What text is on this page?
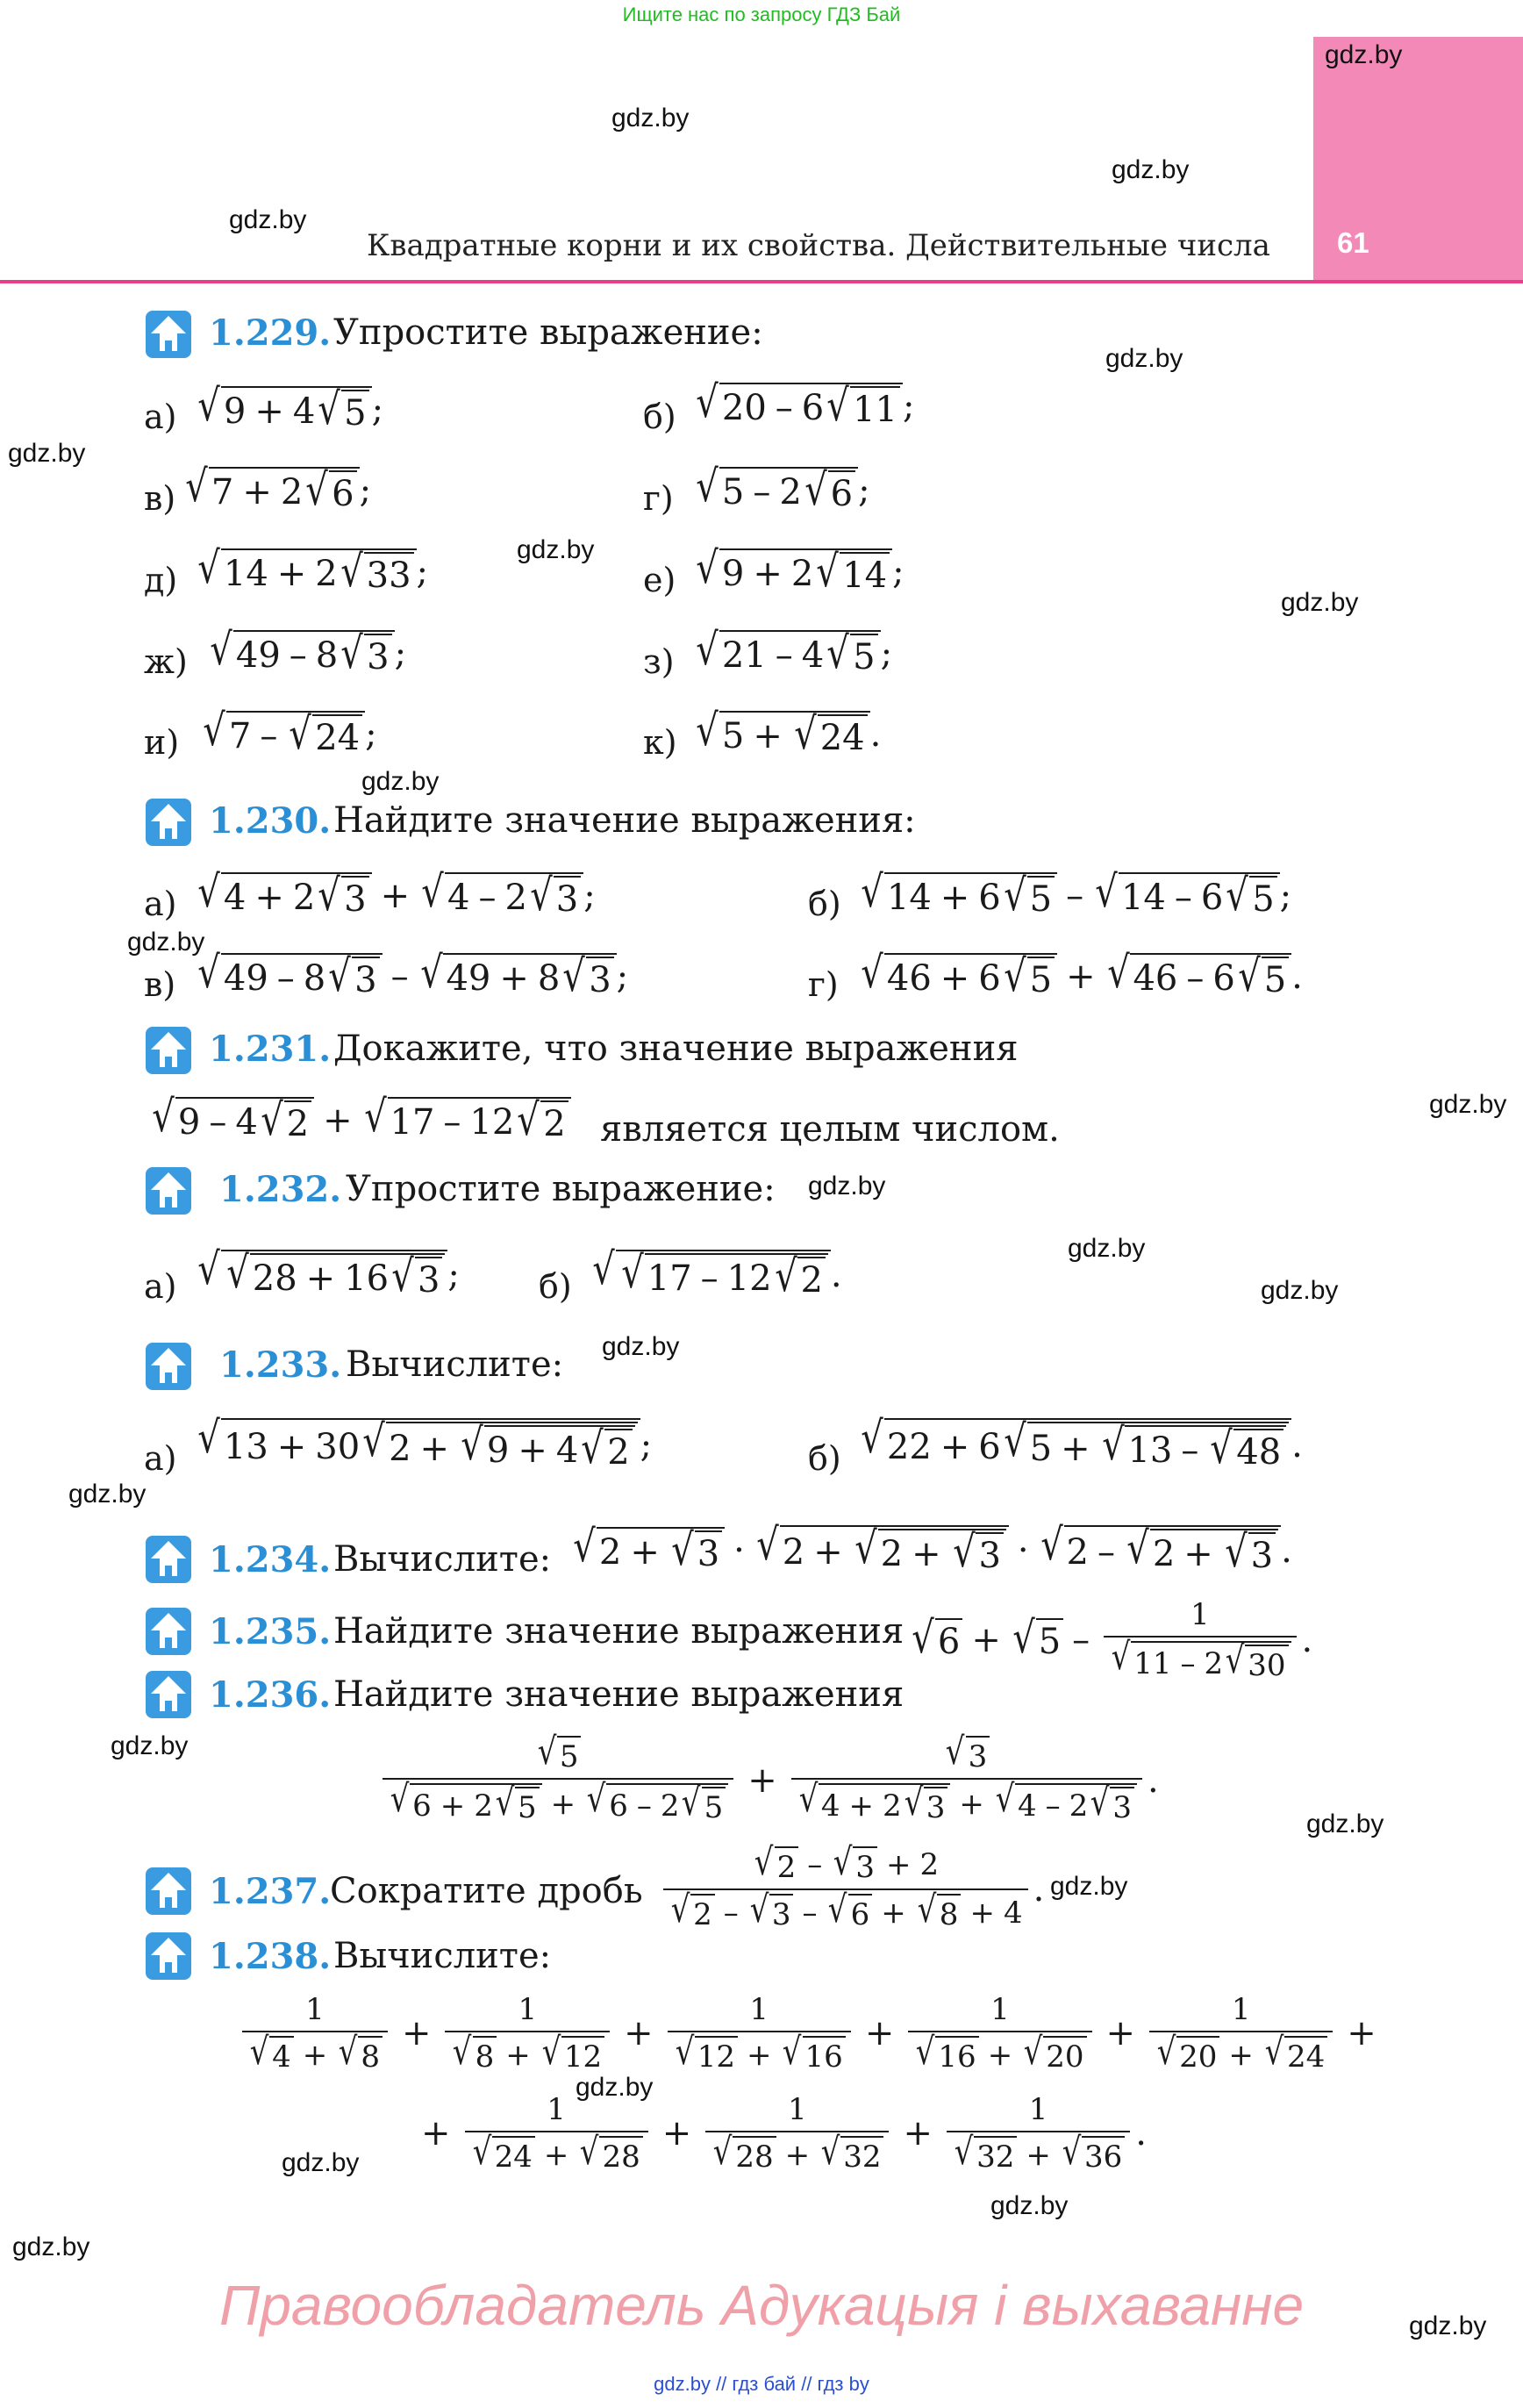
Ищите нас по запросу ГДЗ Бай
61
Квадратные корни и их свойства. Действительные числа
gdz.by
gdz.by
gdz.by
gdz.by
gdz.by
gdz.by
gdz.by
gdz.by
gdz.by
gdz.by
gdz.by
gdz.by
gdz.by
gdz.by
gdz.by
gdz.by
gdz.by
gdz.by
gdz.by
gdz.by
gdz.by
gdz.by
gdz.by
gdz.by
1.229. Упростите выражение:
а) √ 9 + 4 √ 5 ;	б) √ 20 – 6 √ 11 ;
в) √ 7 + 2 √ 6 ;	г) √ 5 – 2 √ 6 ;
д) √ 14 + 2 √ 33 ;	е) √ 9 + 2 √ 14 ;
ж) √ 49 – 8 √ 3 ;	з) √ 21 – 4 √ 5 ;
и) √ 7 – √ 24 ;	к) √ 5 + √ 24 .
1.230. Найдите значение выражения:
а) √ 4 + 2 √ 3 + √ 4 – 2 √ 3 ;	б) √ 14 + 6 √ 5 – √ 14 – 6 √ 5 ;
в) √ 49 – 8 √ 3 – √ 49 + 8 √ 3 ;	г) √ 46 + 6 √ 5 + √ 46 – 6 √ 5 .
1.231. Докажите, что значение выражения
√ 9 – 4 √ 2 + √ 17 – 12 √ 2 является целым числом.
1.232. Упростите выражение:
а) √ √ 28 + 16 √ 3 ; б) √ √ 17 – 12 √ 2 .
1.233. Вычислите:
а) √ 13 + 30 √ 2 + √ 9 + 4 √ 2 ;	б) √ 22 + 6 √ 5 + √ 13 – √ 48 .
1.234. Вычислите: √ 2 + √ 3 · √ 2 + √ 2 + √ 3 · √ 2 – √ 2 + √ 3 .
1.235. Найдите значение выражения √ 6 + √ $5 - \frac{1}{√ 11 - 2 √ 30}$ .
1.236. Найдите значение выражения
$\frac{√ 5}{√ 6 + 2 √ 5 + √ 6 - 2 √ 5} + \frac{√ 3}{√ 4 + 2 √ 3 + √ 4 - 2 √ 3}$ .
1.237.
Сократите дробь $\frac{√ 2 - √ 3 + 2}{√ 2 - √ 3 - √ 6 + √ 8 + 4}$ .
1.238. Вычислите:
$\frac{1}{√ 4 + √ 8} + \frac{1}{√ 8 + √ 12} + \frac{1}{√ 12 + √ 16} + \frac{1}{√ 16 + √ 20} + \frac{1}{√ 20 + √ 24}$ +
+ $\frac{1}{√ 24 + √ 28} + \frac{1}{√ 28 + √ 32} + \frac{1}{√ 32 + √ 36}$ .
Правообладатель Адукацыя і выхаванне
gdz.by // гдз бай // гдз by
